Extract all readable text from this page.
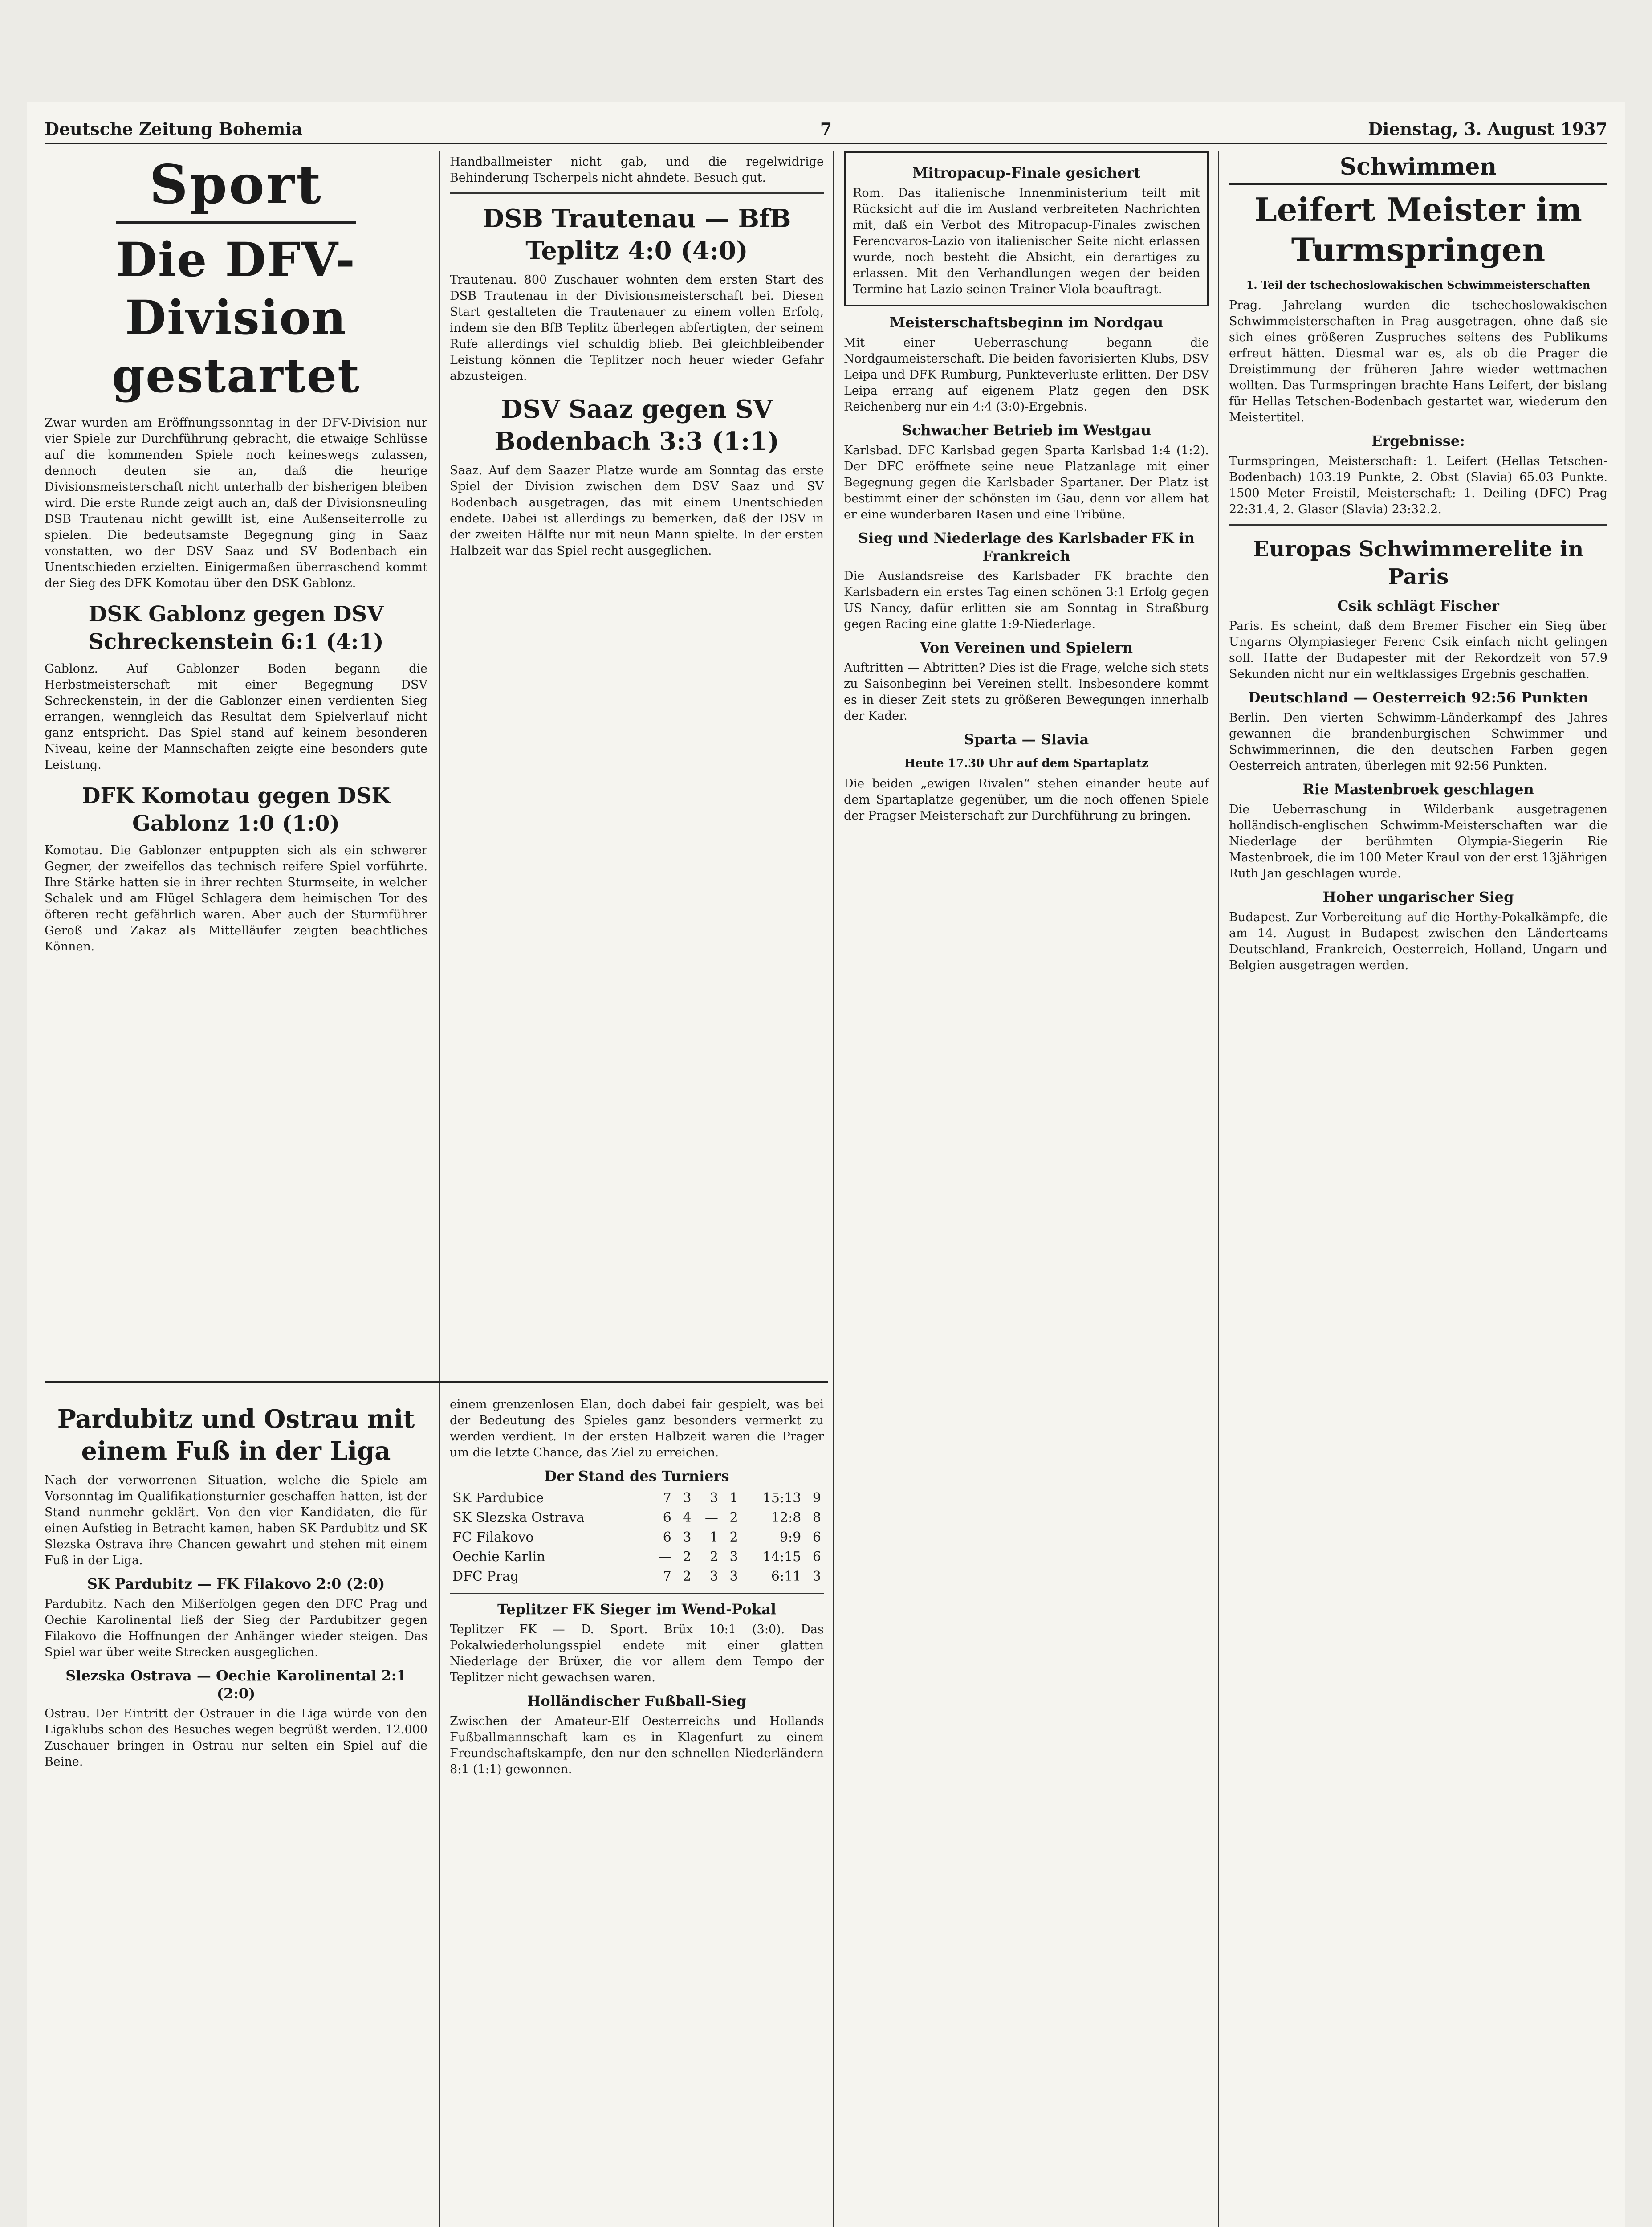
Deutsche Zeitung Bohemia	7	Dienstag, 3. August 1937
Sport
Die DFV-Division gestartet

Zwar wurden am Eröffnungssonntag in der DFV-Division nur vier Spiele zur Durchführung gebracht, die etwaige Schlüsse auf die kommenden Spiele noch keineswegs zulassen, dennoch deuten sie an, daß die heurige Divisionsmeisterschaft nicht unterhalb der bisherigen bleiben wird. Die erste Runde zeigt auch an, daß der Divisionsneuling DSB Trautenau nicht gewillt ist, eine Außenseiterrolle zu spielen. Die bedeutsamste Begegnung ging in Saaz vonstatten, wo der DSV Saaz und SV Bodenbach ein Unentschieden erzielten. Einigermaßen überraschend kommt der Sieg des DFK Komotau über den DSK Gablonz.

DSK Gablonz gegen DSV Schreckenstein 6:1 (4:1)

Gablonz. Auf Gablonzer Boden begann die Herbstmeisterschaft mit einer Begegnung DSV Schreckenstein, in der die Gablonzer einen verdienten Sieg errangen, wenngleich das Resultat dem Spielverlauf nicht ganz entspricht. Das Spiel stand auf keinem besonderen Niveau, keine der Mannschaften zeigte eine besonders gute Leistung.

DFK Komotau gegen DSK Gablonz 1:0 (1:0)

Komotau. Die Gablonzer entpuppten sich als ein schwerer Gegner, der zweifellos das technisch reifere Spiel vorführte. Ihre Stärke hatten sie in ihrer rechten Sturmseite, in welcher Schalek und am Flügel Schlagera dem heimischen Tor des öfteren recht gefährlich waren. Aber auch der Sturmführer Geroß und Zakaz als Mittelläufer zeigten beachtliches Können.

Handballmeister nicht gab, und die regelwidrige Behinderung Tscherpels nicht ahndete. Besuch gut.

DSB Trautenau — BfB Teplitz 4:0 (4:0)

Trautenau. 800 Zuschauer wohnten dem ersten Start des DSB Trautenau in der Divisionsmeisterschaft bei. Diesen Start gestalteten die Trautenauer zu einem vollen Erfolg, indem sie den BfB Teplitz überlegen abfertigten, der seinem Rufe allerdings viel schuldig blieb. Bei gleichbleibender Leistung können die Teplitzer noch heuer wieder Gefahr abzusteigen.

DSV Saaz gegen SV Bodenbach 3:3 (1:1)

Saaz. Auf dem Saazer Platze wurde am Sonntag das erste Spiel der Division zwischen dem DSV Saaz und SV Bodenbach ausgetragen, das mit einem Unentschieden endete. Dabei ist allerdings zu bemerken, daß der DSV in der zweiten Hälfte nur mit neun Mann spielte. In der ersten Halbzeit war das Spiel recht ausgeglichen.

Pardubitz und Ostrau mit einem Fuß in der Liga

Nach der verworrenen Situation, welche die Spiele am Vorsonntag im Qualifikationsturnier geschaffen hatten, ist der Stand nunmehr geklärt. Von den vier Kandidaten, die für einen Aufstieg in Betracht kamen, haben SK Pardubitz und SK Slezska Ostrava ihre Chancen gewahrt und stehen mit einem Fuß in der Liga.

SK Pardubitz — FK Filakovo 2:0 (2:0)

Pardubitz. Nach den Mißerfolgen gegen den DFC Prag und Oechie Karolinental ließ der Sieg der Pardubitzer gegen Filakovo die Hoffnungen der Anhänger wieder steigen. Das Spiel war über weite Strecken ausgeglichen.

Slezska Ostrava — Oechie Karolinental 2:1 (2:0)

Ostrau. Der Eintritt der Ostrauer in die Liga würde von den Ligaklubs schon des Besuches wegen begrüßt werden. 12.000 Zuschauer bringen in Ostrau nur selten ein Spiel auf die Beine.

einem grenzenlosen Elan, doch dabei fair gespielt, was bei der Bedeutung des Spieles ganz besonders vermerkt zu werden verdient. In der ersten Halbzeit waren die Prager um die letzte Chance, das Ziel zu erreichen.

Der Stand des Turniers
SK Pardubice	7	3	3	1	15:13	9
SK Slezska Ostrava	6	4	—	2	12:8	8
FC Filakovo	6	3	1	2	9:9	6
Oechie Karlin	—	2	2	3	14:15	6
DFC Prag	7	2	3	3	6:11	3
Teplitzer FK Sieger im Wend-Pokal

Teplitzer FK — D. Sport. Brüx 10:1 (3:0). Das Pokalwiederholungsspiel endete mit einer glatten Niederlage der Brüxer, die vor allem dem Tempo der Teplitzer nicht gewachsen waren.

Holländischer Fußball-Sieg

Zwischen der Amateur-Elf Oesterreichs und Hollands Fußballmannschaft kam es in Klagenfurt zu einem Freundschaftskampfe, den nur den schnellen Niederländern 8:1 (1:1) gewonnen.

Mitropacup-Finale gesichert

Rom. Das italienische Innenministerium teilt mit Rücksicht auf die im Ausland verbreiteten Nachrichten mit, daß ein Verbot des Mitropacup-Finales zwischen Ferencvaros-Lazio von italienischer Seite nicht erlassen wurde, noch besteht die Absicht, ein derartiges zu erlassen. Mit den Verhandlungen wegen der beiden Termine hat Lazio seinen Trainer Viola beauftragt.

Meisterschaftsbeginn im Nordgau

Mit einer Ueberraschung begann die Nordgaumeisterschaft. Die beiden favorisierten Klubs, DSV Leipa und DFK Rumburg, Punkteverluste erlitten. Der DSV Leipa errang auf eigenem Platz gegen den DSK Reichenberg nur ein 4:4 (3:0)-Ergebnis.

Schwacher Betrieb im Westgau

Karlsbad. DFC Karlsbad gegen Sparta Karlsbad 1:4 (1:2). Der DFC eröffnete seine neue Platzanlage mit einer Begegnung gegen die Karlsbader Spartaner. Der Platz ist bestimmt einer der schönsten im Gau, denn vor allem hat er eine wunderbaren Rasen und eine Tribüne.

Sieg und Niederlage des Karlsbader FK in Frankreich

Die Auslandsreise des Karlsbader FK brachte den Karlsbadern ein erstes Tag einen schönen 3:1 Erfolg gegen US Nancy, dafür erlitten sie am Sonntag in Straßburg gegen Racing eine glatte 1:9-Niederlage.

Von Vereinen und Spielern

Auftritten — Abtritten? Dies ist die Frage, welche sich stets zu Saisonbeginn bei Vereinen stellt. Insbesondere kommt es in dieser Zeit stets zu größeren Bewegungen innerhalb der Kader.

Sparta — Slavia
Heute 17.30 Uhr auf dem Spartaplatz

Die beiden „ewigen Rivalen“ stehen einander heute auf dem Spartaplatze gegenüber, um die noch offenen Spiele der Pragser Meisterschaft zur Durchführung zu bringen.

Schwimmen
Leifert Meister im Turmspringen
1. Teil der tschechoslowakischen Schwimmeisterschaften

Prag. Jahrelang wurden die tschechoslowakischen Schwimmeisterschaften in Prag ausgetragen, ohne daß sie sich eines größeren Zuspruches seitens des Publikums erfreut hätten. Diesmal war es, als ob die Prager die Dreistimmung der früheren Jahre wieder wettmachen wollten. Das Turmspringen brachte Hans Leifert, der bislang für Hellas Tetschen-Bodenbach gestartet war, wiederum den Meistertitel.

Ergebnisse:

Turmspringen, Meisterschaft: 1. Leifert (Hellas Tetschen-Bodenbach) 103.19 Punkte, 2. Obst (Slavia) 65.03 Punkte. 1500 Meter Freistil, Meisterschaft: 1. Deiling (DFC) Prag 22:31.4, 2. Glaser (Slavia) 23:32.2.

Europas Schwimmerelite in Paris
Csik schlägt Fischer

Paris. Es scheint, daß dem Bremer Fischer ein Sieg über Ungarns Olympiasieger Ferenc Csik einfach nicht gelingen soll. Hatte der Budapester mit der Rekordzeit von 57.9 Sekunden nicht nur ein weltklassiges Ergebnis geschaffen.

Deutschland — Oesterreich 92:56 Punkten

Berlin. Den vierten Schwimm-Länderkampf des Jahres gewannen die brandenburgischen Schwimmer und Schwimmerinnen, die den deutschen Farben gegen Oesterreich antraten, überlegen mit 92:56 Punkten.

Rie Mastenbroek geschlagen

Die Ueberraschung in Wilderbank ausgetragenen holländisch-englischen Schwimm-Meisterschaften war die Niederlage der berühmten Olympia-Siegerin Rie Mastenbroek, die im 100 Meter Kraul von der erst 13jährigen Ruth Jan geschlagen wurde.

Hoher ungarischer Sieg

Budapest. Zur Vorbereitung auf die Horthy-Pokalkämpfe, die am 14. August in Budapest zwischen den Länderteams Deutschland, Frankreich, Oesterreich, Holland, Ungarn und Belgien ausgetragen werden.
